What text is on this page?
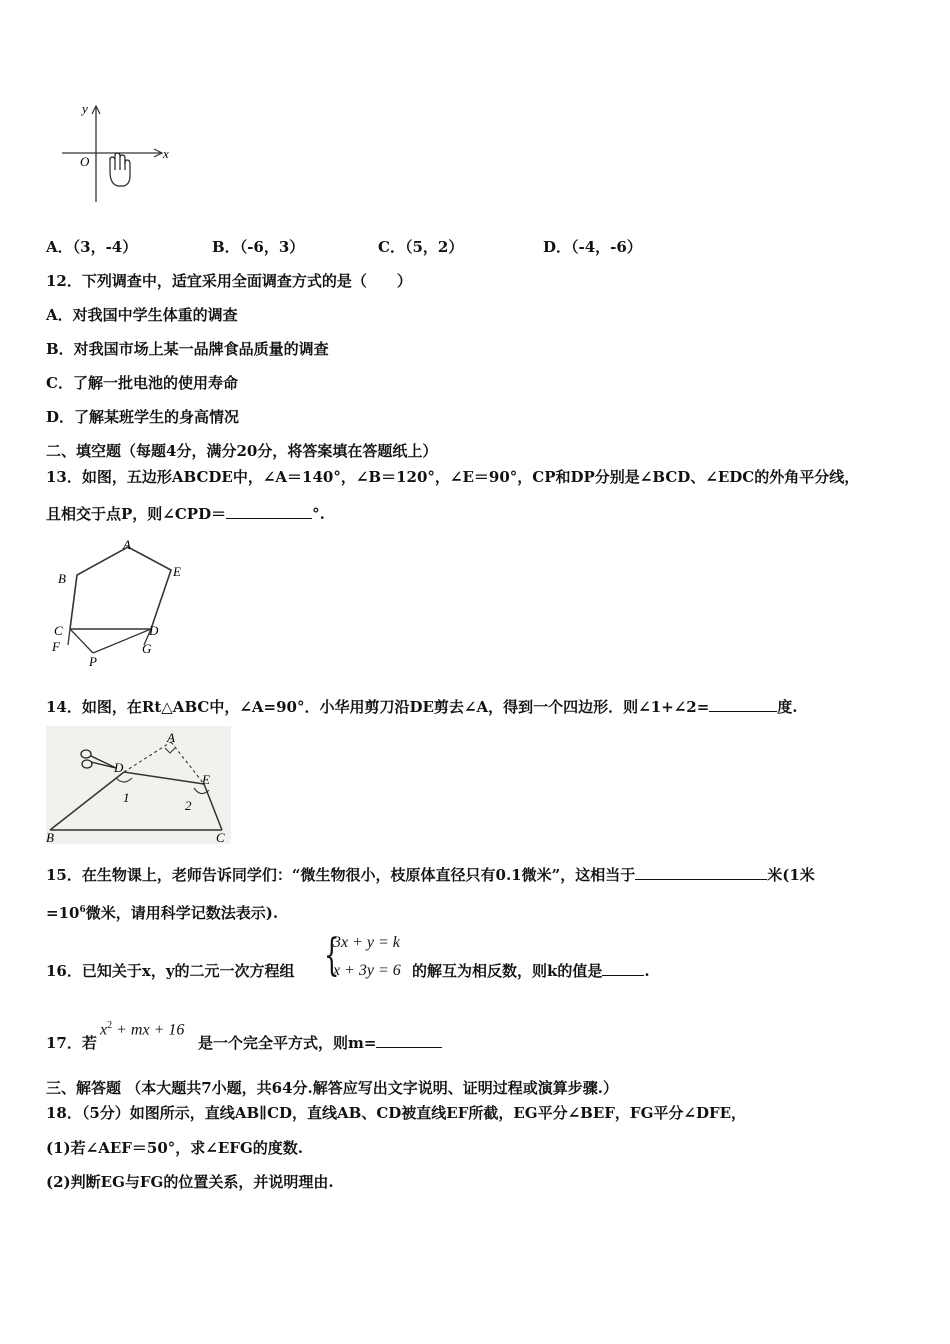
y
x
O
A．（3，-4）	B．（-6，3）	C．（5，2）	D．（-4，-6）
12．下列调查中，适宜采用全面调查方式的是（　　）
A．对我国中学生体重的调查
B．对我国市场上某一品牌食品质量的调查
C．了解一批电池的使用寿命
D．了解某班学生的身高情况
二、填空题（每题4分，满分20分，将答案填在答题纸上）
13．如图，五边形ABCDE中，∠A＝140°，∠B＝120°，∠E＝90°，CP和DP分别是∠BCD、∠EDC的外角平分线，
且相交于点P，则∠CPD＝	°.
A
B	E
C	D
F	G
P
14．如图，在Rt△ABC中，∠A=90°．小华用剪刀沿DE剪去∠A，得到一个四边形．则∠1+∠2=	度.
A
D
E
1
2
B	C
15．在生物课上，老师告诉同学们：“微生物很小，枝原体直径只有0.1微米”，这相当于	米(1米
$=10^6$微米，请用科学记数法表示).
16．已知关于x，y的二元一次方程组 {
3x + y = k
x + 3y = 6 的解互为相反数，则k的值是	.
17．若
$x^2$ + mx + 16
是一个完全平方式，则m=
三、解答题 （本大题共7小题，共64分.解答应写出文字说明、证明过程或演算步骤.）
18．（5分）如图所示，直线AB∥CD，直线AB、CD被直线EF所截，EG平分∠BEF，FG平分∠DFE，
(1)若∠AEF＝50°，求∠EFG的度数.
(2)判断EG与FG的位置关系，并说明理由.
